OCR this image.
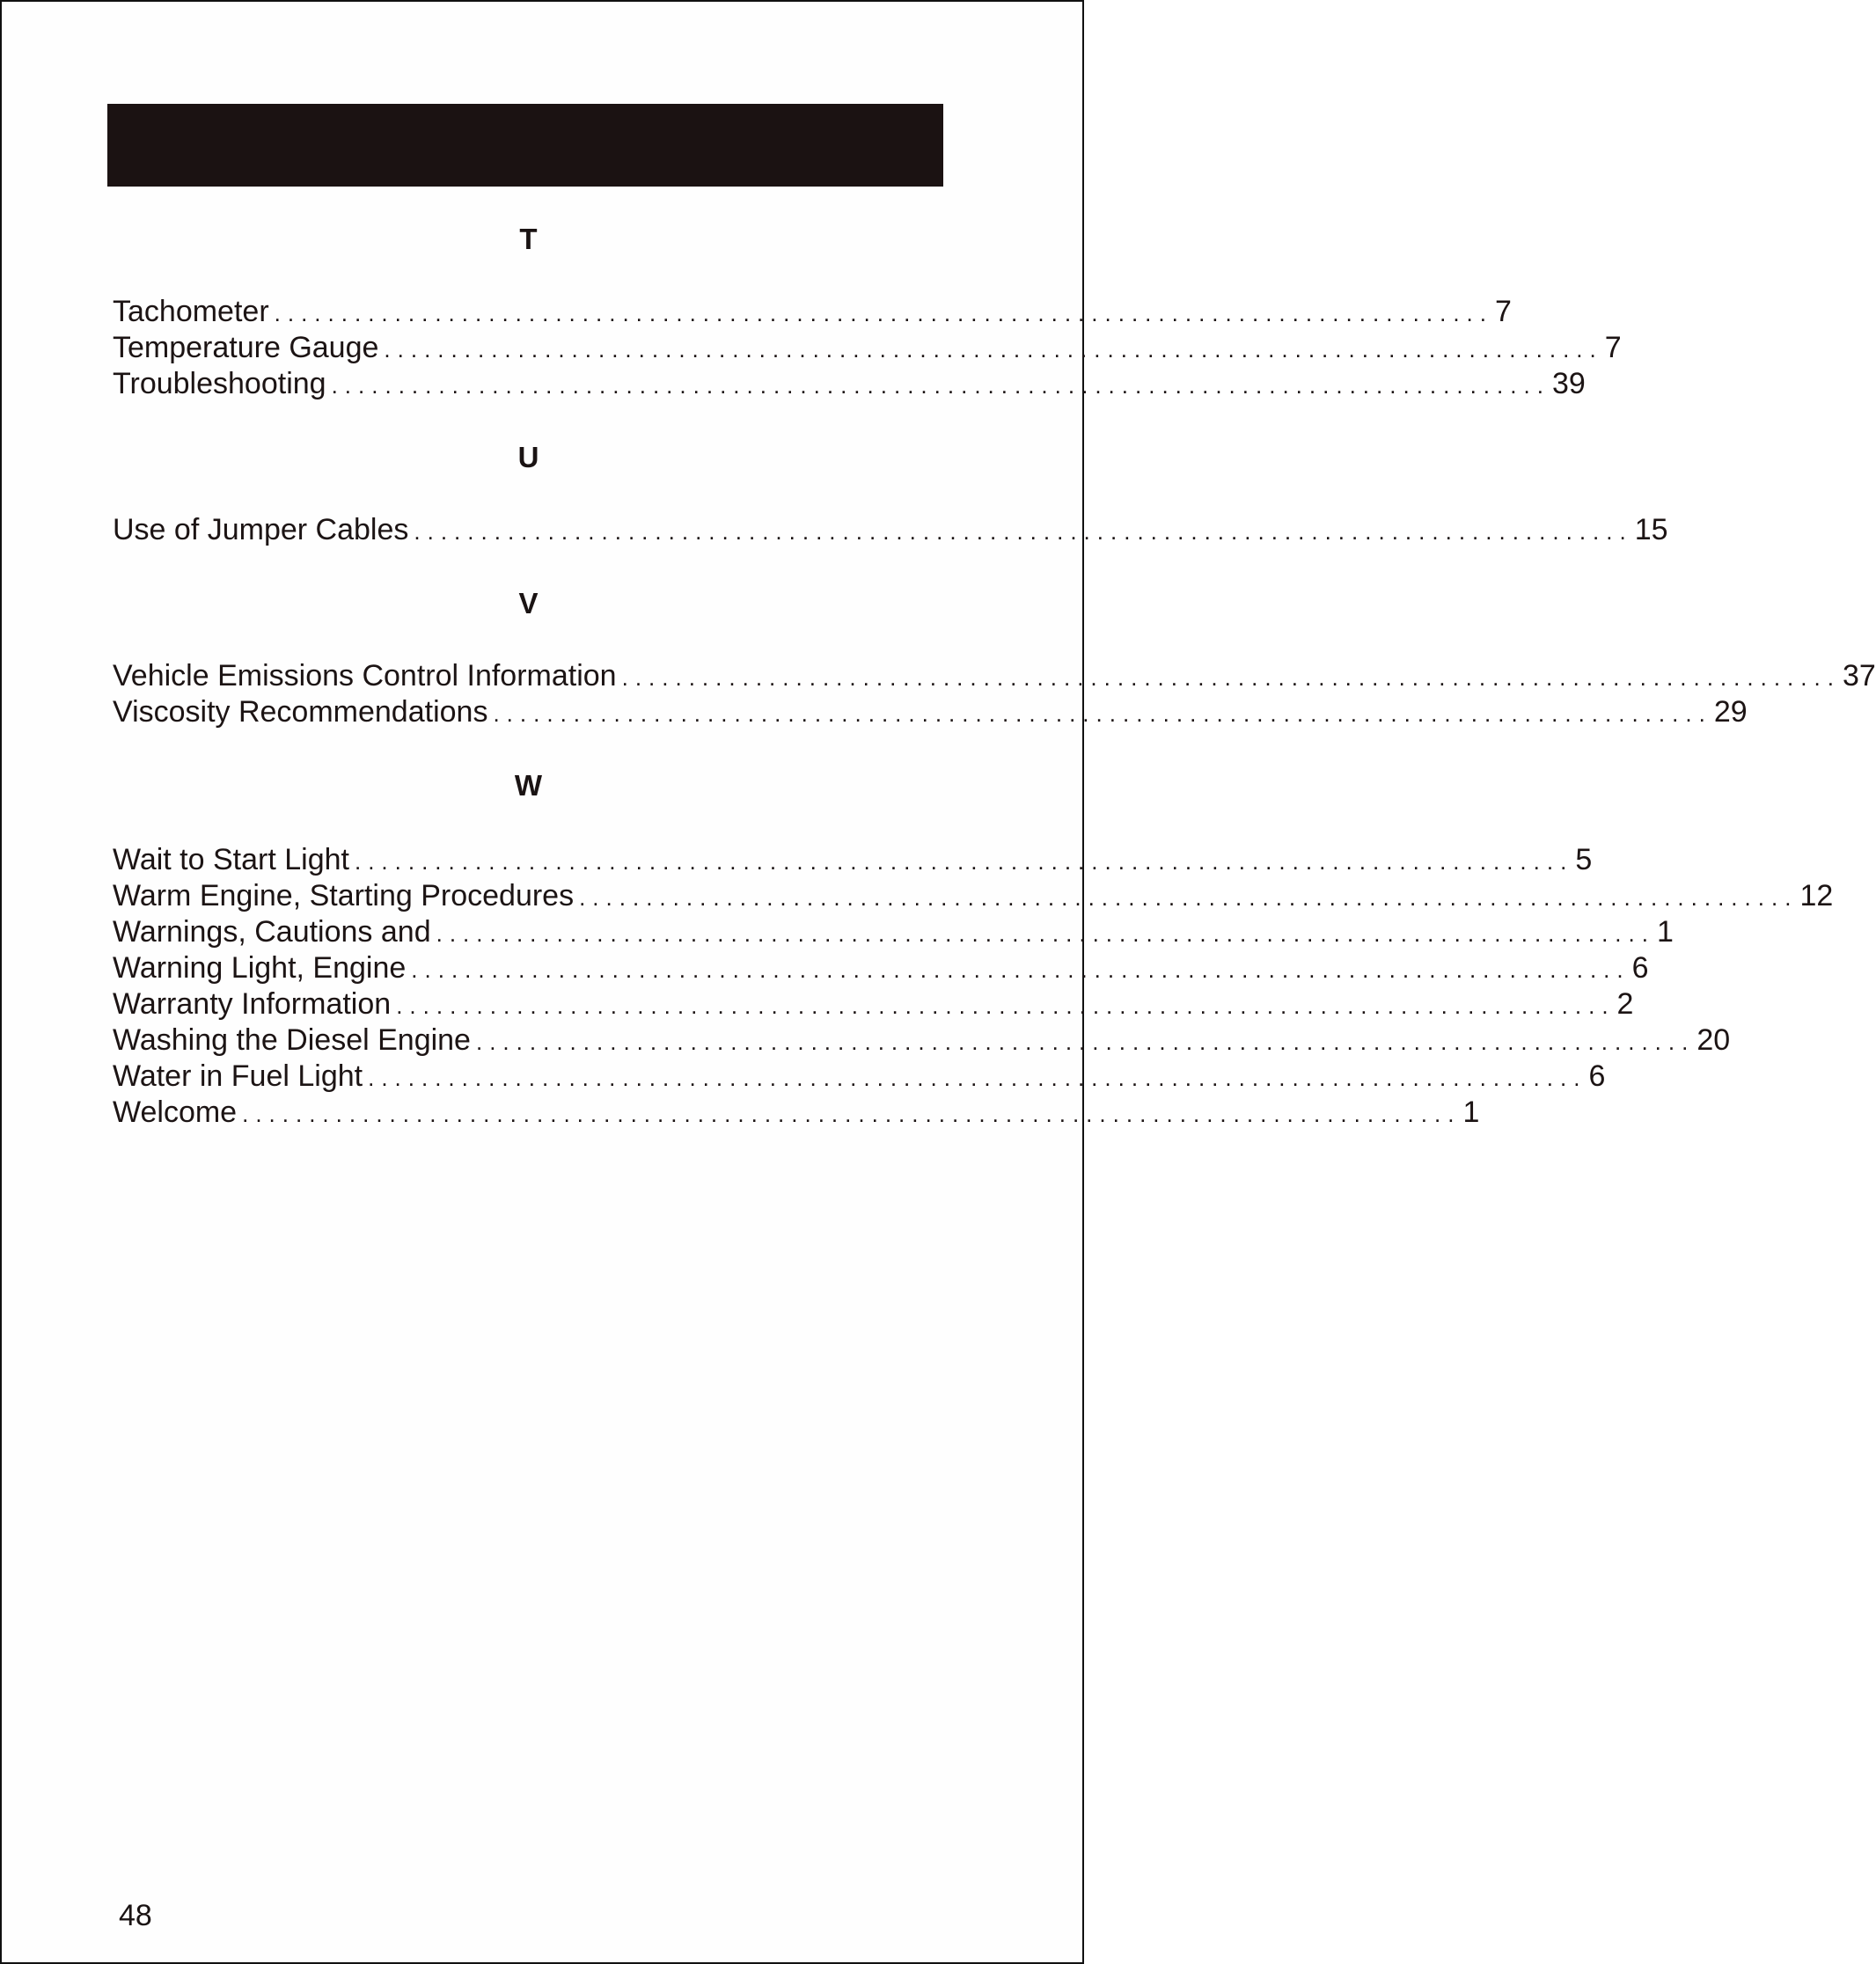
T
Tachometer ........................................................................................... 7
Temperature Gauge ........................................................................................... 7
Troubleshooting ........................................................................................... 39
U
Use of Jumper Cables ........................................................................................... 15
V
Vehicle Emissions Control Information ........................................................................................... 37
Viscosity Recommendations ........................................................................................... 29
W
Wait to Start Light ........................................................................................... 5
Warm Engine, Starting Procedures ........................................................................................... 12
Warnings, Cautions and ........................................................................................... 1
Warning Light, Engine ........................................................................................... 6
Warranty Information ........................................................................................... 2
Washing the Diesel Engine ........................................................................................... 20
Water in Fuel Light ........................................................................................... 6
Welcome ........................................................................................... 1
48
